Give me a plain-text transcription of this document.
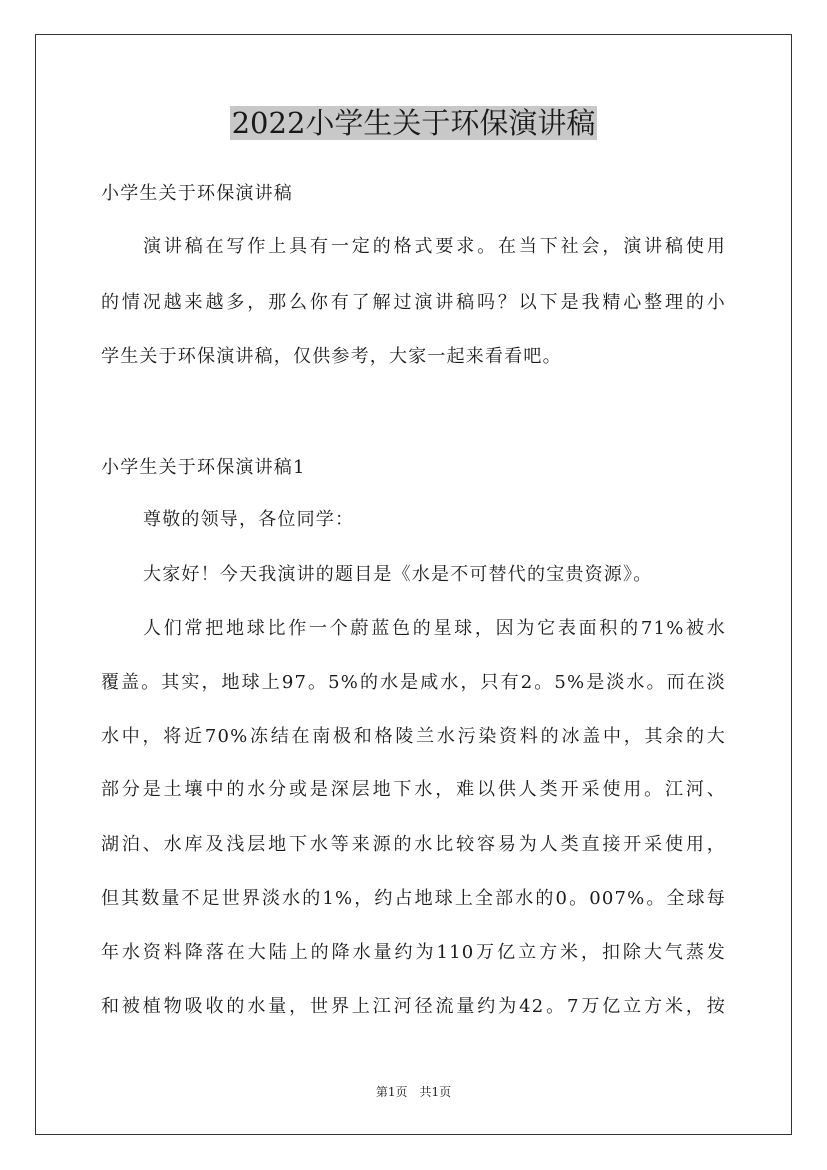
2022小学生关于环保演讲稿
小学生关于环保演讲稿
演讲稿在写作上具有一定的格式要求。在当下社会，演讲稿使用
的情况越来越多，那么你有了解过演讲稿吗？以下是我精心整理的小
学生关于环保演讲稿，仅供参考，大家一起来看看吧。
小学生关于环保演讲稿1
尊敬的领导，各位同学：
大家好！今天我演讲的题目是《水是不可替代的宝贵资源》。
人们常把地球比作一个蔚蓝色的星球，因为它表面积的71%被水
覆盖。其实，地球上97。5%的水是咸水，只有2。5%是淡水。而在淡
水中，将近70%冻结在南极和格陵兰水污染资料的冰盖中，其余的大
部分是土壤中的水分或是深层地下水，难以供人类开采使用。江河、
湖泊、水库及浅层地下水等来源的水比较容易为人类直接开采使用，
但其数量不足世界淡水的1%，约占地球上全部水的0。007%。全球每
年水资料降落在大陆上的降水量约为110万亿立方米，扣除大气蒸发
和被植物吸收的水量，世界上江河径流量约为42。7万亿立方米，按
第1页　共1页
